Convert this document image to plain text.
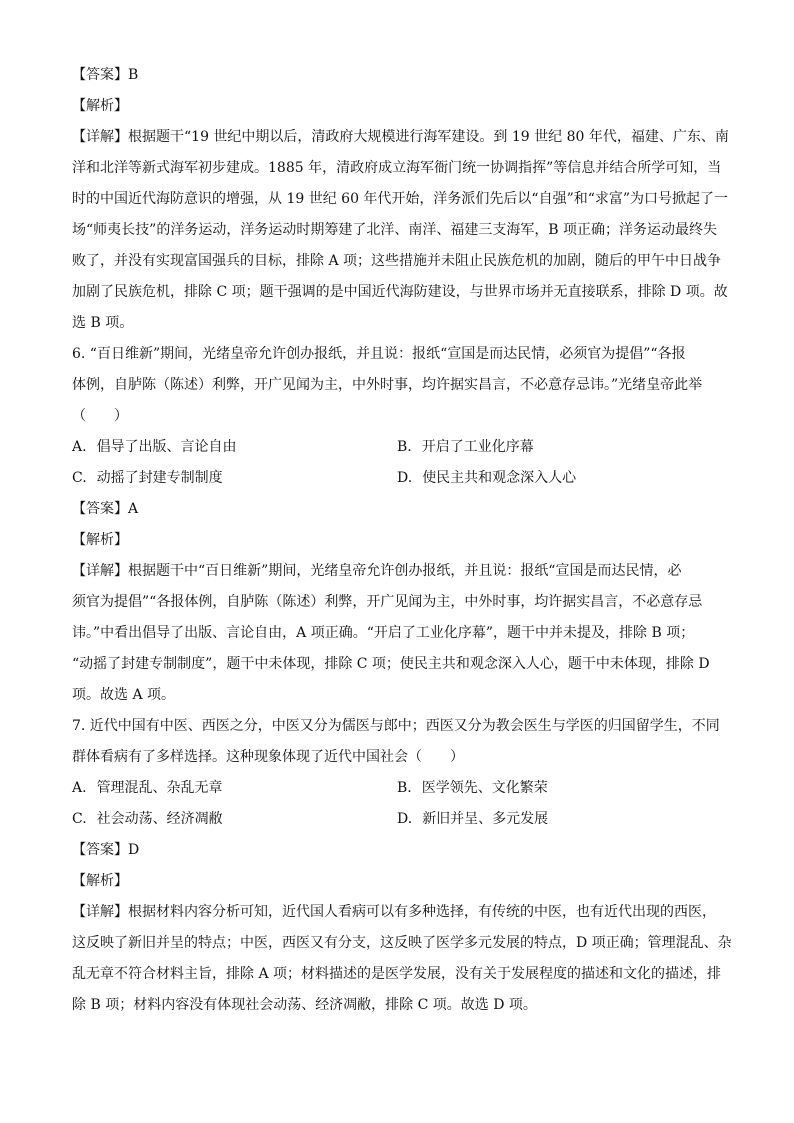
【答案】B
【解析】
【详解】根据题干“19 世纪中期以后，清政府大规模进行海军建设。到 19 世纪 80 年代，福建、广东、南
洋和北洋等新式海军初步建成。1885 年，清政府成立海军衙门统一协调指挥”等信息并结合所学可知，当
时的中国近代海防意识的增强，从 19 世纪 60 年代开始，洋务派们先后以“自强”和“求富”为口号掀起了一
场“师夷长技”的洋务运动，洋务运动时期筹建了北洋、南洋、福建三支海军，B 项正确；洋务运动最终失
败了，并没有实现富国强兵的目标，排除 A 项；这些措施并未阻止民族危机的加剧，随后的甲午中日战争
加剧了民族危机，排除 C 项；题干强调的是中国近代海防建设，与世界市场并无直接联系，排除 D 项。故
选 B 项。
6. “百日维新”期间，光绪皇帝允许创办报纸，并且说：报纸“宣国是而达民情，必须官为提倡”“各报
体例，自胪陈（陈述）利弊，开广见闻为主，中外时事，均许据实昌言，不必意存忌讳。”光绪皇帝此举
（　　）
A. 倡导了出版、言论自由	B. 开启了工业化序幕
C. 动摇了封建专制制度	D. 使民主共和观念深入人心
【答案】A
【解析】
【详解】根据题干中“百日维新”期间，光绪皇帝允许创办报纸，并且说：报纸“宣国是而达民情，必
须官为提倡”“各报体例，自胪陈（陈述）利弊，开广见闻为主，中外时事，均许据实昌言，不必意存忌
讳。”中看出倡导了出版、言论自由，A 项正确。“开启了工业化序幕”，题干中并未提及，排除 B 项；
“动摇了封建专制制度”，题干中未体现，排除 C 项；使民主共和观念深入人心，题干中未体现，排除 D
项。故选 A 项。
7. 近代中国有中医、西医之分，中医又分为儒医与郎中；西医又分为教会医生与学医的归国留学生，不同
群体看病有了多样选择。这种现象体现了近代中国社会（　　）
A. 管理混乱、杂乱无章	B. 医学领先、文化繁荣
C. 社会动荡、经济凋敝	D. 新旧并呈、多元发展
【答案】D
【解析】
【详解】根据材料内容分析可知，近代国人看病可以有多种选择，有传统的中医，也有近代出现的西医，
这反映了新旧并呈的特点；中医，西医又有分支，这反映了医学多元发展的特点，D 项正确；管理混乱、杂
乱无章不符合材料主旨，排除 A 项；材料描述的是医学发展，没有关于发展程度的描述和文化的描述，排
除 B 项；材料内容没有体现社会动荡、经济凋敝，排除 C 项。故选 D 项。
